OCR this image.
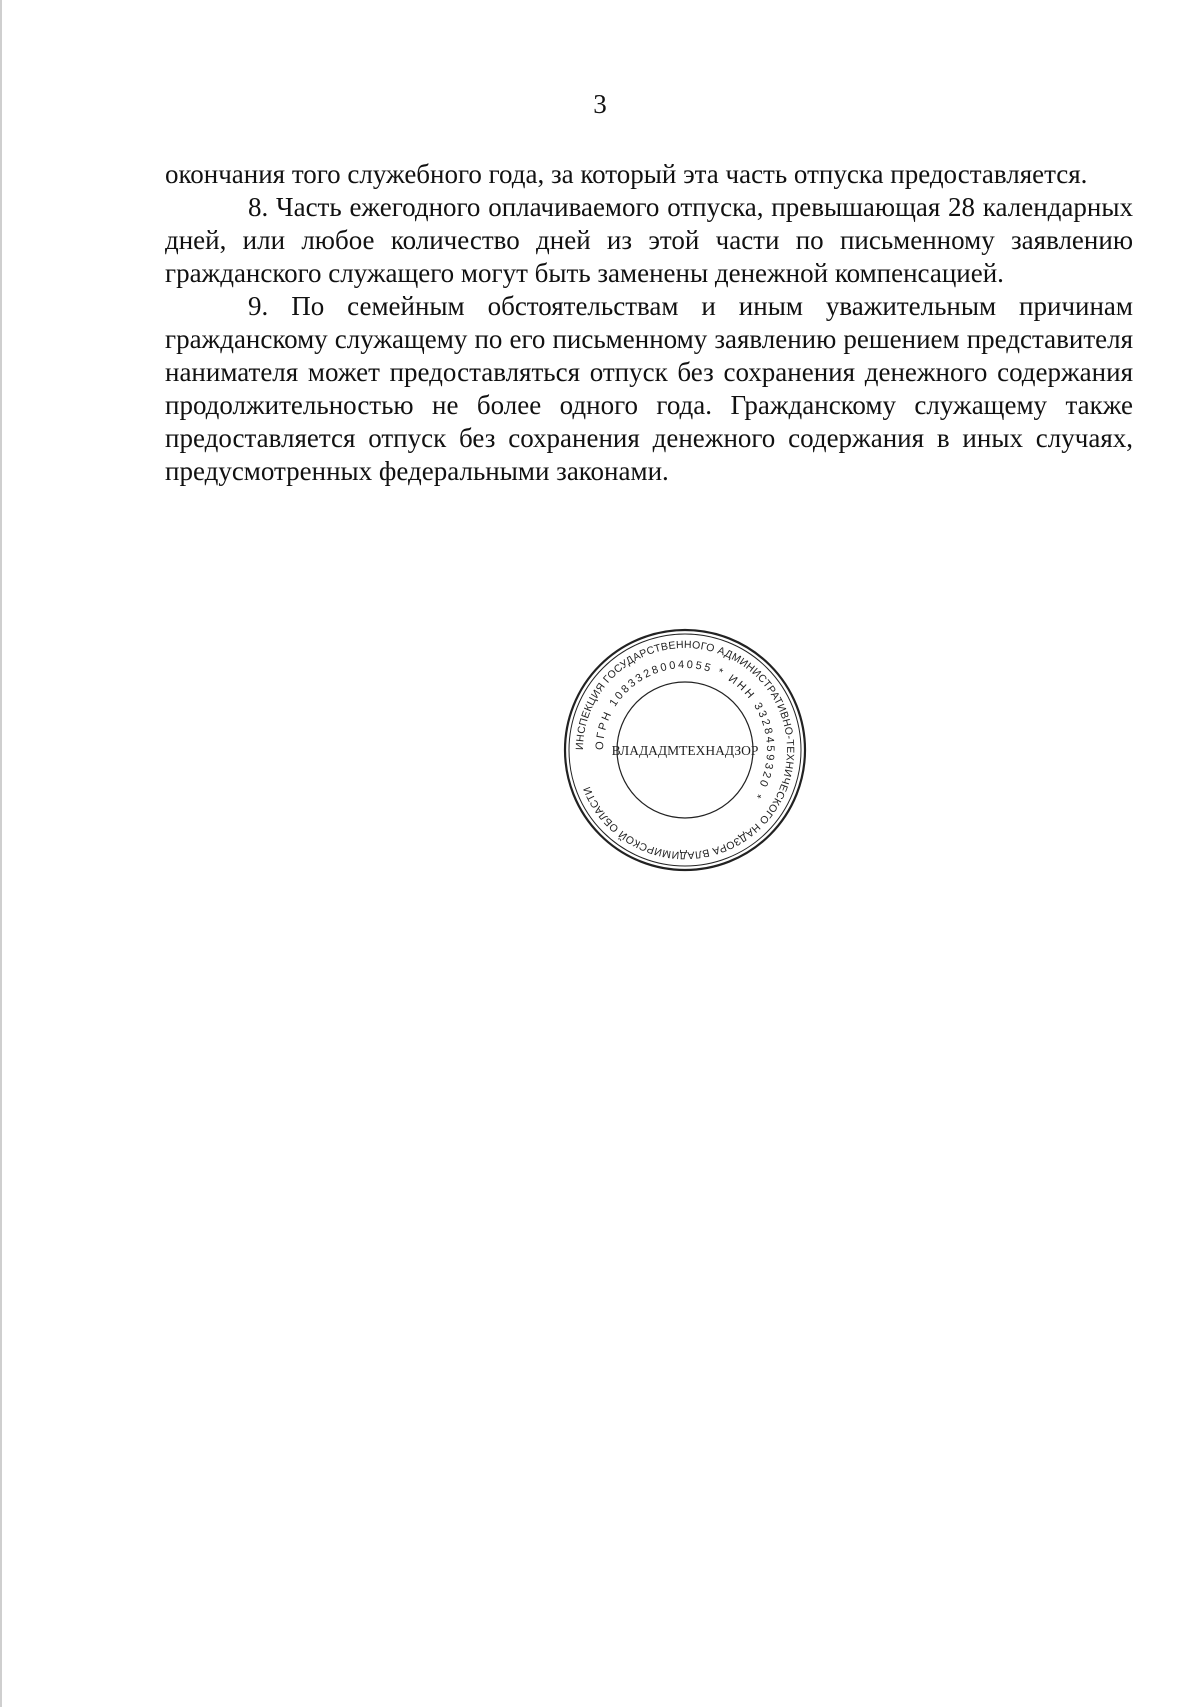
3

окончания того служебного года, за который эта часть отпуска предоставляется.

8. Часть ежегодного оплачиваемого отпуска, превышающая 28 календарных дней, или любое количество дней из этой части по письменному заявлению гражданского служащего могут быть заменены денежной компенсацией.

9. По семейным обстоятельствам и иным уважительным причинам гражданскому служащему по его письменному заявлению решением представителя нанимателя может предоставляться отпуск без сохранения денежного содержания продолжительностью не более одного года. Гражданскому служащему также предоставляется отпуск без сохранения денежного содержания в иных случаях, предусмотренных федеральными законами.

ИНСПЕКЦИЯ ГОСУДАРСТВЕННОГО АДМИНИСТРАТИВНО-ТЕХНИЧЕСКОГО НАДЗОРА ВЛАДИМИРСКОЙ ОБЛАСТИ
ОГРН 1083328004055 * ИНН 3328459320 *
ВЛАДАДМТЕХНАДЗОР
